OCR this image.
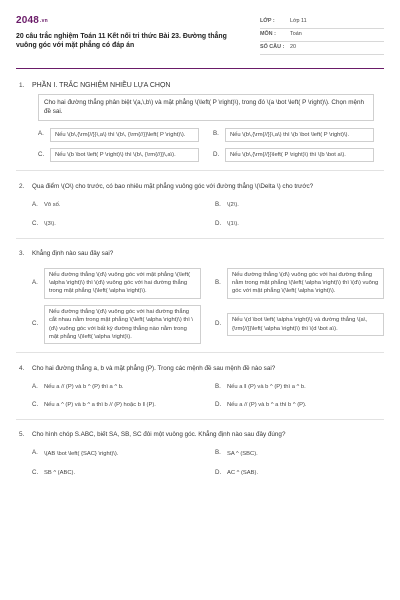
2048.vn
20 câu trắc nghiệm Toán 11 Kết nối tri thức Bài 23. Đường thẳng vuông góc với mặt phẳng có đáp án
LỚP :	Lớp 11
MÔN :	Toán
SỐ CÂU :	20
1.	PHẦN I. TRẮC NGHIỆM NHIỀU LỰA CHỌN
Cho hai đường thẳng phân biệt \(a,\,b\) và mặt phẳng \(\left( P \right)\), trong đó \(a \bot \left( P \right)\). Chọn mệnh đề sai.
A.	Nếu \(b\,{\rm{//}}\,a\) thì \(b\, {\rm{//}}\left( P \right)\).	B.	Nếu \(b\,{\rm{//}}\,a\) thì \(b \bot \left( P \right)\).
C.	Nếu \(b \bot \left( P \right)\) thì \(b\, {\rm{//}}\,a\).	D.	Nếu \(b\,{\rm{//}}\left( P \right)\) thì \(b \bot a\).
2.	Qua điểm \(O\) cho trước, có bao nhiêu mặt phẳng vuông góc với đường thẳng \(\Delta \) cho trước?
A.	Vô số.	B.	\(2\).
C.	\(3\).	D.	\(1\).
3.	Khẳng định nào sau đây sai?
A.
Nếu đường thẳng \(d\) vuông góc với mặt phẳng \(\left( \alpha \right)\) thì \(d\) vuông góc với hai đường thẳng trong mặt phẳng \(\left( \alpha \right)\).
B.
Nếu đường thẳng \(d\) vuông góc với hai đường thẳng nằm trong mặt phẳng \(\left( \alpha \right)\) thì \(d\) vuông góc với mặt phẳng \(\left( \alpha \right)\).
C.
Nếu đường thẳng \(d\) vuông góc với hai đường thẳng cắt nhau nằm trong mặt phẳng \(\left( \alpha \right)\) thì \(d\) vuông góc với bất kỳ đường thẳng nào nằm trong mặt phẳng \(\left( \alpha \right)\).
D.	Nếu \(d \bot \left( \alpha \right)\) và đường thẳng \(a\,{\rm{//}}\left( \alpha \right)\) thì \(d \bot a\).
4.	Cho hai đường thẳng a, b và mặt phẳng (P). Trong các mệnh đề sau mệnh đề nào sai?
A.	Nếu a // (P) và b ^ (P) thì a ^ b.	B.	Nếu a ‖ (P) và b ^ (P) thì a ^ b.
C.	Nếu a ^ (P) và b ^ a thì b // (P) hoặc b ‖ (P).	D.	Nếu a // (P) và b ^ a thì b ^ (P).
5.	Cho hình chóp S.ABC, biết SA, SB, SC đôi một vuông góc. Khẳng định nào sau đây đúng?
A.	\(AB \bot \left( {SAC} \right)\).	B.	SA ^ (SBC).
C.	SB ^ (ABC).	D.	AC ^ (SAB).
